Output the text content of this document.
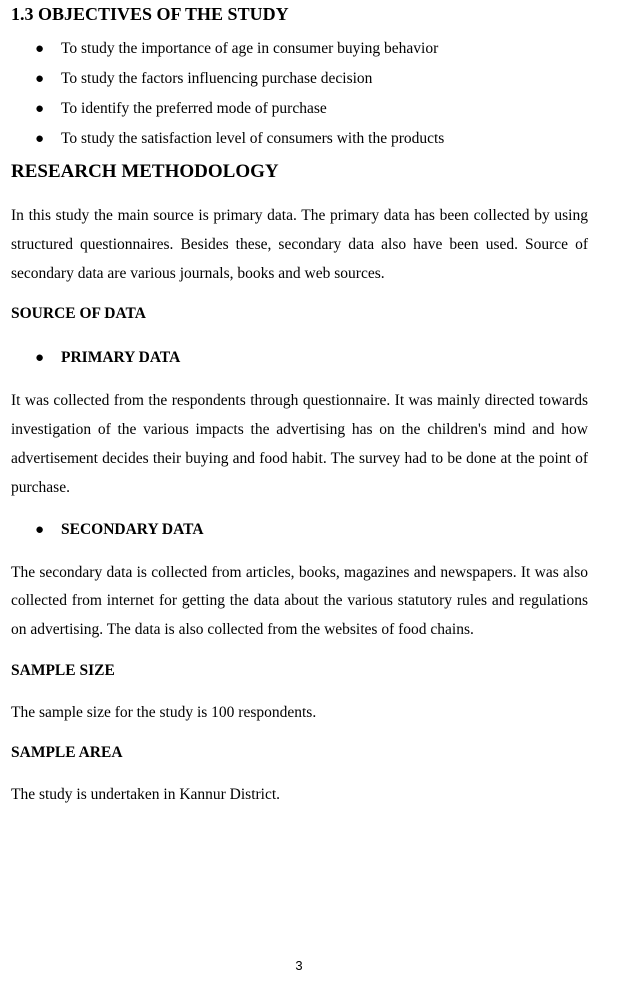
1.3 OBJECTIVES OF THE STUDY
● To study the importance of age in consumer buying behavior
● To study the factors influencing purchase decision
● To identify the preferred mode of purchase
● To study the satisfaction level of consumers with the products
RESEARCH METHODOLOGY

In this study the main source is primary data. The primary data has been collected by using structured questionnaires. Besides these, secondary data also have been used. Source of secondary data are various journals, books and web sources.

SOURCE OF DATA
● PRIMARY DATA

It was collected from the respondents through questionnaire. It was mainly directed towards investigation of the various impacts the advertising has on the children's mind and how advertisement decides their buying and food habit. The survey had to be done at the point of purchase.

● SECONDARY DATA

The secondary data is collected from articles, books, magazines and newspapers. It was also collected from internet for getting the data about the various statutory rules and regulations on advertising. The data is also collected from the websites of food chains.

SAMPLE SIZE

The sample size for the study is 100 respondents.

SAMPLE AREA

The study is undertaken in Kannur District.

3
